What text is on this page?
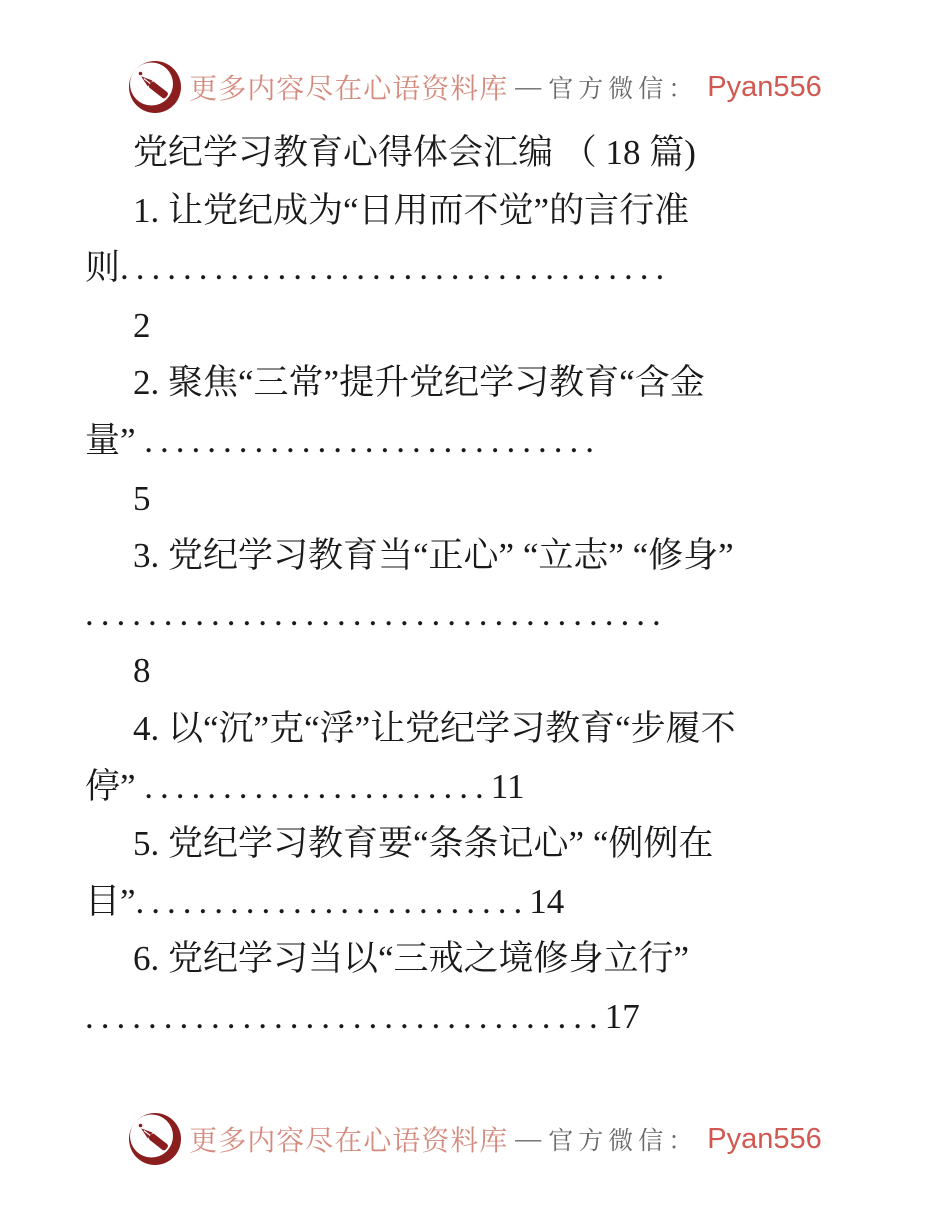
更多内容尽在心语资料库 — 官方微信： Pyan556
党纪学习教育心得体会汇编 （ 18 篇)
1. 让党纪成为“日用而不觉”的言行准
则...................................
2
2. 聚焦“三常”提升党纪学习教育“含金
量” .............................
5
3. 党纪学习教育当“正心” “立志” “修身”
.....................................
8
4. 以“沉”克“浮”让党纪学习教育“步履不
停” ......................11
5. 党纪学习教育要“条条记心” “例例在
目”.........................14
6. 党纪学习当以“三戒之境修身立行”
.................................17
更多内容尽在心语资料库 — 官方微信： Pyan556
